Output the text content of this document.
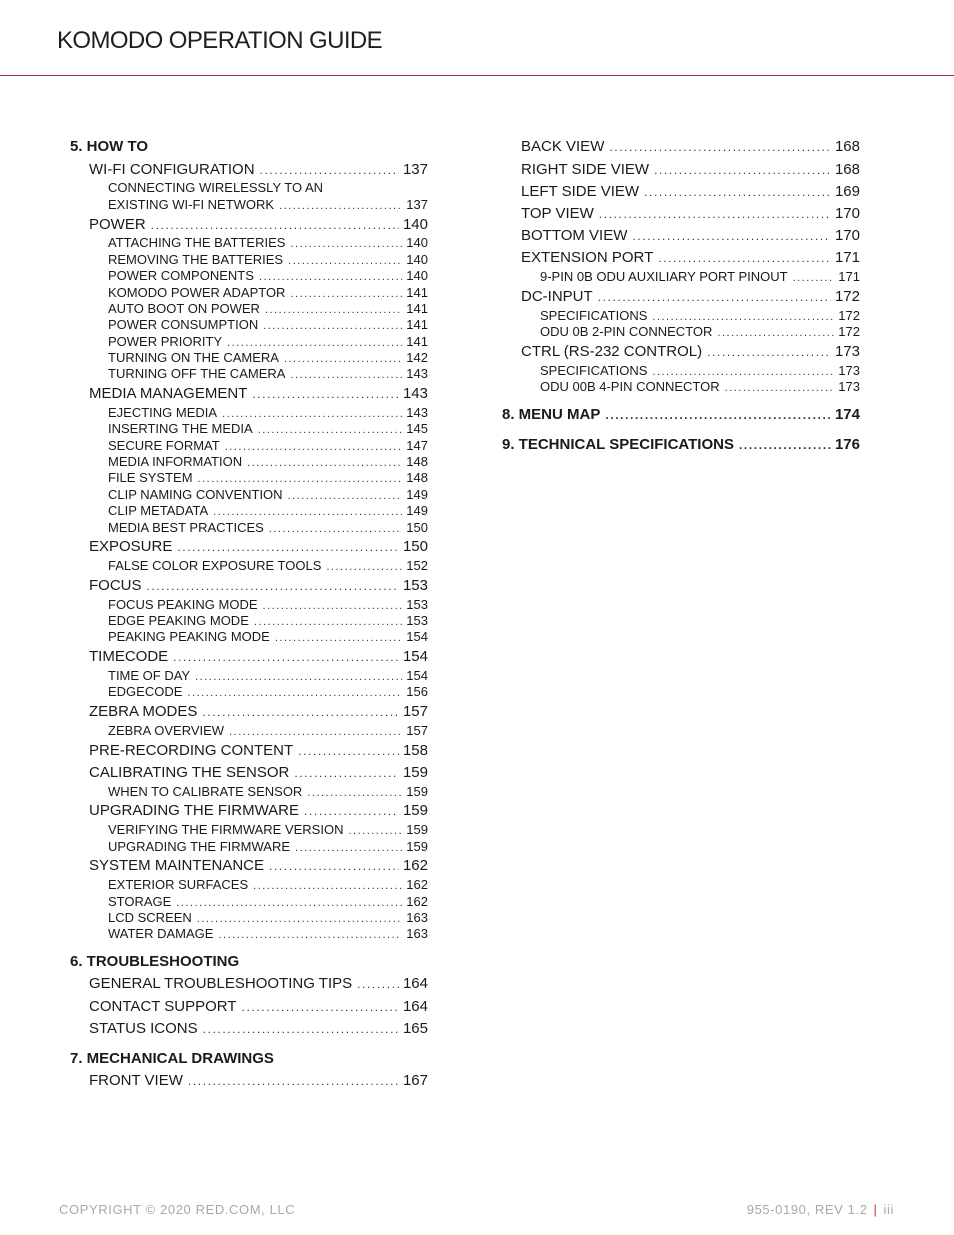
KOMODO OPERATION GUIDE
5. HOW TO
WI-FI CONFIGURATION .....	137
CONNECTING WIRELESSLY TO AN
EXISTING WI-FI NETWORK .....	137
POWER .....	140
ATTACHING THE BATTERIES .....	140
REMOVING THE BATTERIES .....	140
POWER COMPONENTS .....	140
KOMODO POWER ADAPTOR .....	141
AUTO BOOT ON POWER .....	141
POWER CONSUMPTION .....	141
POWER PRIORITY .....	141
TURNING ON THE CAMERA .....	142
TURNING OFF THE CAMERA .....	143
MEDIA MANAGEMENT .....	143
EJECTING MEDIA .....	143
INSERTING THE MEDIA .....	145
SECURE FORMAT .....	147
MEDIA INFORMATION .....	148
FILE SYSTEM .....	148
CLIP NAMING CONVENTION .....	149
CLIP METADATA .....	149
MEDIA BEST PRACTICES .....	150
EXPOSURE .....	150
FALSE COLOR EXPOSURE TOOLS .....	152
FOCUS .....	153
FOCUS PEAKING MODE .....	153
EDGE PEAKING MODE .....	153
PEAKING PEAKING MODE .....	154
TIMECODE .....	154
TIME OF DAY .....	154
EDGECODE .....	156
ZEBRA MODES .....	157
ZEBRA OVERVIEW .....	157
PRE-RECORDING CONTENT .....	158
CALIBRATING THE SENSOR .....	159
WHEN TO CALIBRATE SENSOR .....	159
UPGRADING THE FIRMWARE .....	159
VERIFYING THE FIRMWARE VERSION .....	159
UPGRADING THE FIRMWARE .....	159
SYSTEM MAINTENANCE .....	162
EXTERIOR SURFACES .....	162
STORAGE .....	162
LCD SCREEN .....	163
WATER DAMAGE .....	163
6. TROUBLESHOOTING
GENERAL TROUBLESHOOTING TIPS .....	164
CONTACT SUPPORT .....	164
STATUS ICONS .....	165
7. MECHANICAL DRAWINGS
FRONT VIEW .....	167
BACK VIEW .....	168
RIGHT SIDE VIEW .....	168
LEFT SIDE VIEW .....	169
TOP VIEW .....	170
BOTTOM VIEW .....	170
EXTENSION PORT .....	171
9-PIN 0B ODU AUXILIARY PORT PINOUT .....	171
DC-INPUT .....	172
SPECIFICATIONS .....	172
ODU 0B 2-PIN CONNECTOR .....	172
CTRL (RS-232 CONTROL) .....	173
SPECIFICATIONS .....	173
ODU 00B 4-PIN CONNECTOR .....	173
8. MENU MAP .....	174
9. TECHNICAL SPECIFICATIONS .....	176
COPYRIGHT © 2020 RED.COM, LLC	955-0190, REV 1.2 | iii
